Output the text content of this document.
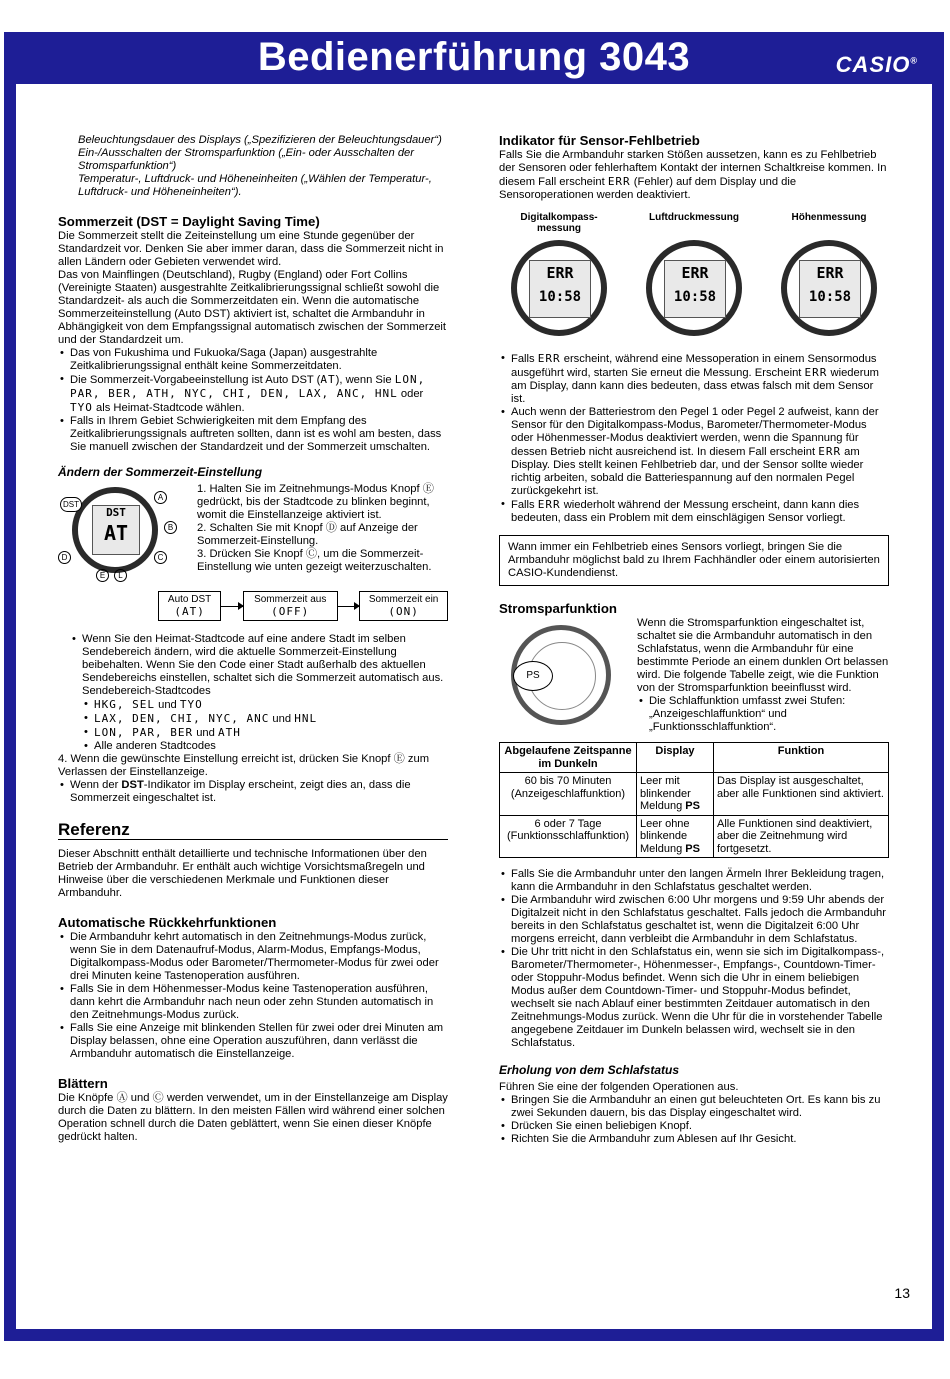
Bedienerführung 3043	CASIO®

Beleuchtungsdauer des Displays („Spezifizieren der Beleuchtungsdauer“)

Ein-/Ausschalten der Stromsparfunktion („Ein- oder Ausschalten der Stromsparfunktion“)

Temperatur-, Luftdruck- und Höheneinheiten („Wählen der Temperatur-, Luftdruck- und Höheneinheiten“).

Sommerzeit (DST = Daylight Saving Time)

Die Sommerzeit stellt die Zeiteinstellung um eine Stunde gegenüber der Standardzeit vor. Denken Sie aber immer daran, dass die Sommerzeit nicht in allen Ländern oder Gebieten verwendet wird.

Das von Mainflingen (Deutschland), Rugby (England) oder Fort Collins (Vereinigte Staaten) ausgestrahlte Zeitkalibrierungssignal schließt sowohl die Standardzeit- als auch die Sommerzeitdaten ein. Wenn die automatische Sommerzeiteinstellung (Auto DST) aktiviert ist, schaltet die Armbanduhr in Abhängigkeit von dem Empfangssignal automatisch zwischen der Sommerzeit und der Standardzeit um.

• Das von Fukushima und Fukuoka/Saga (Japan) ausgestrahlte Zeitkalibrierungssignal enthält keine Sommerzeitdaten.
• Die Sommerzeit-Vorgabeeinstellung ist Auto DST (AT), wenn Sie LON, PAR, BER, ATH, NYC, CHI, DEN, LAX, ANC, HNL oder TYO als Heimat-Stadtcode wählen.
• Falls in Ihrem Gebiet Schwierigkeiten mit dem Empfang des Zeitkalibrierungssignals auftreten sollten, dann ist es wohl am besten, dass Sie manuell zwischen der Standardzeit und der Sommerzeit umschalten.
Ändern der Sommerzeit-Einstellung
DST
AT
DST
A
B
C
D
E	L

1. Halten Sie im Zeitnehmungs-Modus Knopf Ⓔ gedrückt, bis der Stadtcode zu blinken beginnt, womit die Einstellanzeige aktiviert ist.

2. Schalten Sie mit Knopf Ⓓ auf Anzeige der Sommerzeit-Einstellung.

3. Drücken Sie Knopf Ⓒ, um die Sommerzeit-Einstellung wie unten gezeigt weiterzuschalten.

Auto DST
(AT)
Sommerzeit aus
(OFF)
Sommerzeit ein
(ON)
• Wenn Sie den Heimat-Stadtcode auf eine andere Stadt im selben Sendebereich ändern, wird die aktuelle Sommerzeit-Einstellung beibehalten. Wenn Sie den Code einer Stadt außerhalb des aktuellen Sendebereichs einstellen, schaltet sich die Sommerzeit automatisch aus.
Sendebereich-Stadtcodes
• HKG, SEL und TYO
• LAX, DEN, CHI, NYC, ANC und HNL
• LON, PAR, BER und ATH
• Alle anderen Stadtcodes

4. Wenn die gewünschte Einstellung erreicht ist, drücken Sie Knopf Ⓔ zum Verlassen der Einstellanzeige.

• Wenn der DST-Indikator im Display erscheint, zeigt dies an, dass die Sommerzeit eingeschaltet ist.
Referenz

Dieser Abschnitt enthält detaillierte und technische Informationen über den Betrieb der Armbanduhr. Er enthält auch wichtige Vorsichtsmaßregeln und Hinweise über die verschiedenen Merkmale und Funktionen dieser Armbanduhr.

Automatische Rückkehrfunktionen
• Die Armbanduhr kehrt automatisch in den Zeitnehmungs-Modus zurück, wenn Sie in dem Datenaufruf-Modus, Alarm-Modus, Empfangs-Modus, Digitalkompass-Modus oder Barometer/Thermometer-Modus für zwei oder drei Minuten keine Tastenoperation ausführen.
• Falls Sie in dem Höhenmesser-Modus keine Tastenoperation ausführen, dann kehrt die Armbanduhr nach neun oder zehn Stunden automatisch in den Zeitnehmungs-Modus zurück.
• Falls Sie eine Anzeige mit blinkenden Stellen für zwei oder drei Minuten am Display belassen, ohne eine Operation auszuführen, dann verlässt die Armbanduhr automatisch die Einstellanzeige.
Blättern

Die Knöpfe Ⓐ und Ⓒ werden verwendet, um in der Einstellanzeige am Display durch die Daten zu blättern. In den meisten Fällen wird während einer solchen Operation schnell durch die Daten geblättert, wenn Sie einen dieser Knöpfe gedrückt halten.

Indikator für Sensor-Fehlbetrieb

Falls Sie die Armbanduhr starken Stößen aussetzen, kann es zu Fehlbetrieb der Sensoren oder fehlerhaftem Kontakt der internen Schaltkreise kommen. In diesem Fall erscheint ERR (Fehler) auf dem Display und die Sensoroperationen werden deaktiviert.

Digitalkompass-messung
ERR
10:58
Luftdruckmessung
ERR
10:58
Höhenmessung
ERR
10:58
• Falls ERR erscheint, während eine Messoperation in einem Sensormodus ausgeführt wird, starten Sie erneut die Messung. Erscheint ERR wiederum am Display, dann kann dies bedeuten, dass etwas falsch mit dem Sensor ist.
• Auch wenn der Batteriestrom den Pegel 1 oder Pegel 2 aufweist, kann der Sensor für den Digitalkompass-Modus, Barometer/Thermometer-Modus oder Höhenmesser-Modus deaktiviert werden, wenn die Spannung für dessen Betrieb nicht ausreichend ist. In diesem Fall erscheint ERR am Display. Dies stellt keinen Fehlbetrieb dar, und der Sensor sollte wieder richtig arbeiten, sobald die Batteriespannung auf den normalen Pegel zurückgekehrt ist.
• Falls ERR wiederholt während der Messung erscheint, dann kann dies bedeuten, dass ein Problem mit dem einschlägigen Sensor vorliegt.
Wann immer ein Fehlbetrieb eines Sensors vorliegt, bringen Sie die Armbanduhr möglichst bald zu Ihrem Fachhändler oder einem autorisierten CASIO-Kundendienst.
Stromsparfunktion
PS

Wenn die Stromsparfunktion eingeschaltet ist, schaltet sie die Armbanduhr automatisch in den Schlafstatus, wenn die Armbanduhr für eine bestimmte Periode an einem dunklen Ort belassen wird. Die folgende Tabelle zeigt, wie die Funktion von der Stromsparfunktion beeinflusst wird.

• Die Schlaffunktion umfasst zwei Stufen: „Anzeigeschlaffunktion“ und „Funktionsschlaffunktion“.
Abgelaufene Zeitspanne im Dunkeln	Display	Funktion
60 bis 70 Minuten (Anzeigeschlaffunktion)	Leer mit blinkender Meldung PS	Das Display ist ausgeschaltet, aber alle Funktionen sind aktiviert.
6 oder 7 Tage (Funktionsschlaffunktion)	Leer ohne blinkende Meldung PS	Alle Funktionen sind deaktiviert, aber die Zeitnehmung wird fortgesetzt.
• Falls Sie die Armbanduhr unter den langen Ärmeln Ihrer Bekleidung tragen, kann die Armbanduhr in den Schlafstatus geschaltet werden.
• Die Armbanduhr wird zwischen 6:00 Uhr morgens und 9:59 Uhr abends der Digitalzeit nicht in den Schlafstatus geschaltet. Falls jedoch die Armbanduhr bereits in den Schlafstatus geschaltet ist, wenn die Digitalzeit 6:00 Uhr morgens erreicht, dann verbleibt die Armbanduhr in dem Schlafstatus.
• Die Uhr tritt nicht in den Schlafstatus ein, wenn sie sich im Digitalkompass-, Barometer/Thermometer-, Höhenmesser-, Empfangs-, Countdown-Timer- oder Stoppuhr-Modus befindet. Wenn sich die Uhr in einem beliebigen Modus außer dem Countdown-Timer- und Stoppuhr-Modus befindet, wechselt sie nach Ablauf einer bestimmten Zeitdauer automatisch in den Zeitnehmungs-Modus zurück. Wenn die Uhr für die in vorstehender Tabelle angegebene Zeitdauer im Dunkeln belassen wird, wechselt sie in den Schlafstatus.
Erholung von dem Schlafstatus

Führen Sie eine der folgenden Operationen aus.

• Bringen Sie die Armbanduhr an einen gut beleuchteten Ort. Es kann bis zu zwei Sekunden dauern, bis das Display eingeschaltet wird.
• Drücken Sie einen beliebigen Knopf.
• Richten Sie die Armbanduhr zum Ablesen auf Ihr Gesicht.
13
